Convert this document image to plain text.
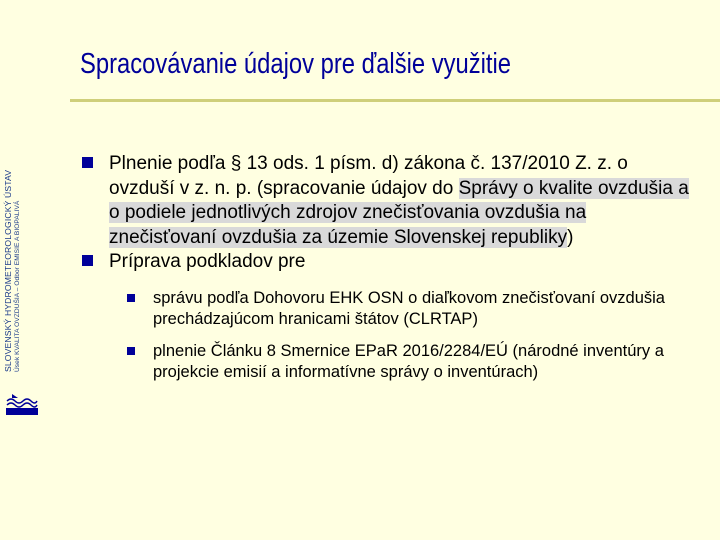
SLOVENSKÝ HYDROMETEOROLOGICKÝ ÚSTAV Úsek KVALITA OVZDUŠIA – Odbor EMISIE A BIOPALIVÁ
Spracovávanie údajov pre ďalšie využitie
Plnenie podľa § 13 ods. 1 písm. d) zákona č. 137/2010 Z. z. o ovzduší v z. n. p. (spracovanie údajov do Správy o kvalite ovzdušia a o podiele jednotlivých zdrojov znečisťovania ovzdušia na znečisťovaní ovzdušia za územie Slovenskej republiky)
Príprava podkladov pre
správu podľa Dohovoru EHK OSN o diaľkovom znečisťovaní ovzdušia prechádzajúcom hranicami štátov (CLRTAP)
plnenie Článku 8 Smernice EPaR 2016/2284/EÚ (národné inventúry a projekcie emisií a informatívne správy o inventúrach)
